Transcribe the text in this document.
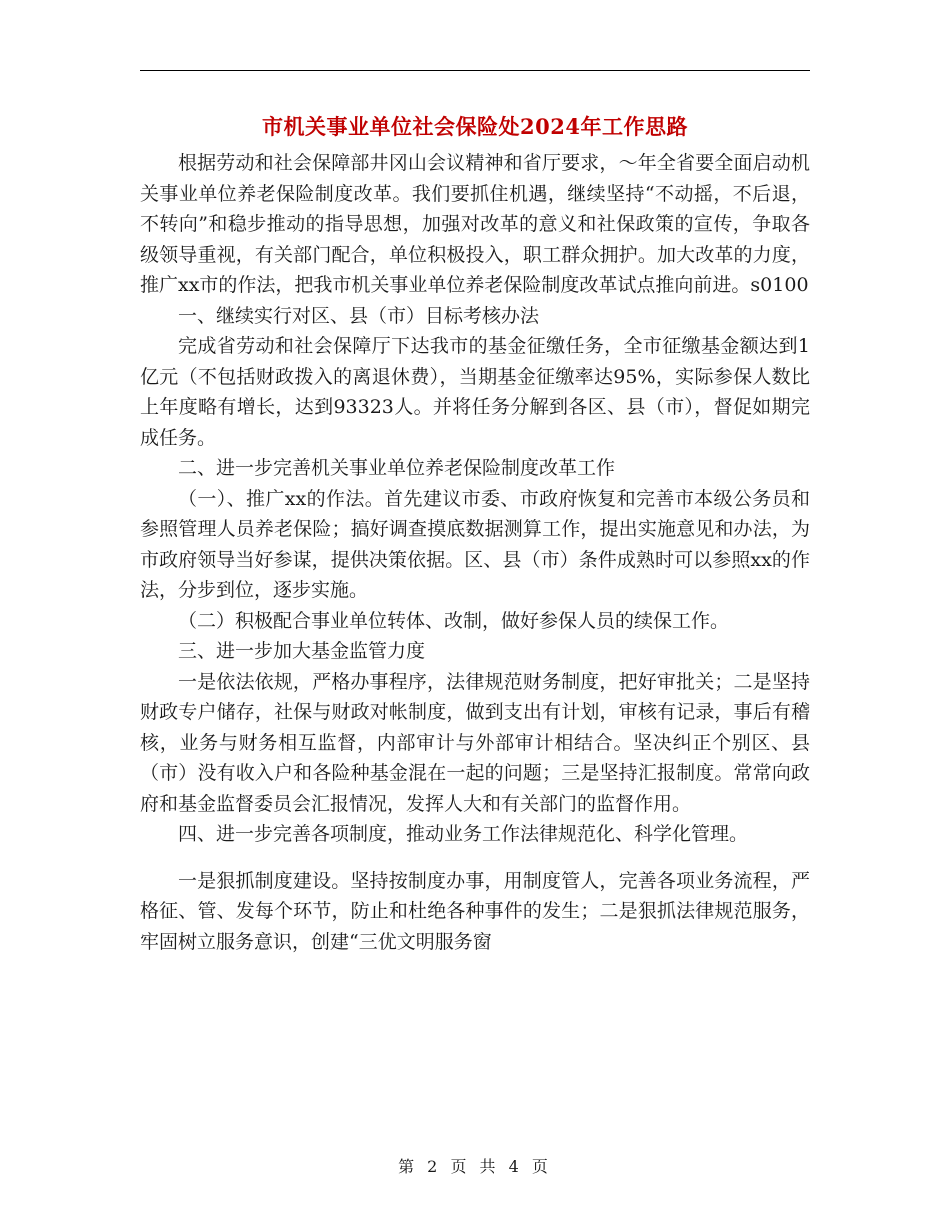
市机关事业单位社会保险处2024年工作思路

根据劳动和社会保障部井冈山会议精神和省厅要求，～年全省要全面启动机关事业单位养老保险制度改革。我们要抓住机遇，继续坚持“不动摇，不后退，不转向”和稳步推动的指导思想，加强对改革的意义和社保政策的宣传，争取各级领导重视，有关部门配合，单位积极投入，职工群众拥护。加大改革的力度，推广xx市的作法，把我市机关事业单位养老保险制度改革试点推向前进。s0100

一、继续实行对区、县（市）目标考核办法

完成省劳动和社会保障厅下达我市的基金征缴任务，全市征缴基金额达到1亿元（不包括财政拨入的离退休费），当期基金征缴率达95%，实际参保人数比上年度略有增长，达到93323人。并将任务分解到各区、县（市），督促如期完成任务。

二、进一步完善机关事业单位养老保险制度改革工作

（一）、推广xx的作法。首先建议市委、市政府恢复和完善市本级公务员和参照管理人员养老保险；搞好调查摸底数据测算工作，提出实施意见和办法，为市政府领导当好参谋，提供决策依据。区、县（市）条件成熟时可以参照xx的作法，分步到位，逐步实施。

（二）积极配合事业单位转体、改制，做好参保人员的续保工作。

三、进一步加大基金监管力度

一是依法依规，严格办事程序，法律规范财务制度，把好审批关；二是坚持财政专户储存，社保与财政对帐制度，做到支出有计划，审核有记录，事后有稽核，业务与财务相互监督，内部审计与外部审计相结合。坚决纠正个别区、县（市）没有收入户和各险种基金混在一起的问题；三是坚持汇报制度。常常向政府和基金监督委员会汇报情况，发挥人大和有关部门的监督作用。

四、进一步完善各项制度，推动业务工作法律规范化、科学化管理。

一是狠抓制度建设。坚持按制度办事，用制度管人，完善各项业务流程，严格征、管、发每个环节，防止和杜绝各种事件的发生；二是狠抓法律规范服务，牢固树立服务意识，创建“三优文明服务窗

第 2 页 共 4 页
